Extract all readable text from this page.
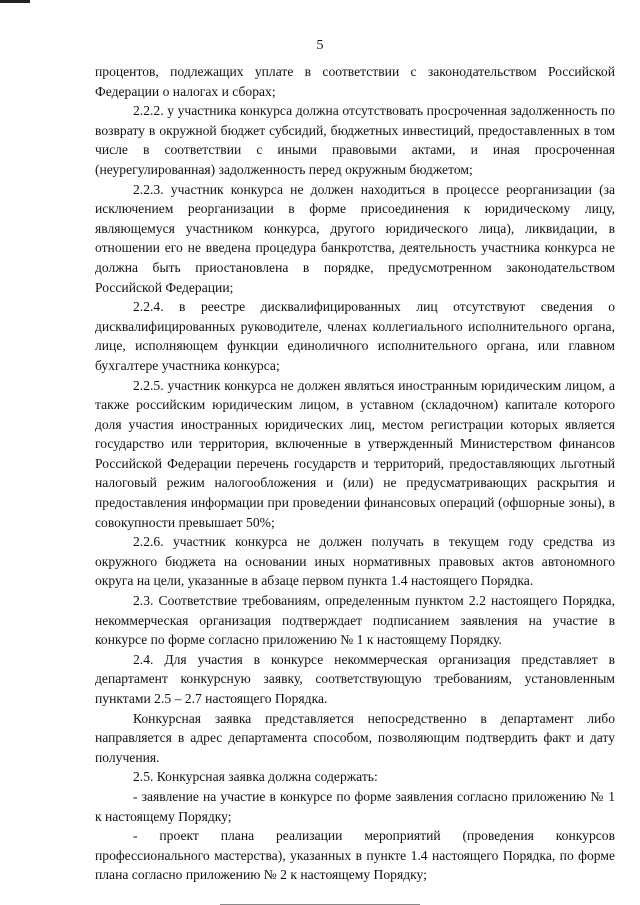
5

процентов, подлежащих уплате в соответствии с законодательством Российской Федерации о налогах и сборах;

2.2.2. у участника конкурса должна отсутствовать просроченная задолженность по возврату в окружной бюджет субсидий, бюджетных инвестиций, предоставленных в том числе в соответствии с иными правовыми актами, и иная просроченная (неурегулированная) задолженность перед окружным бюджетом;

2.2.3. участник конкурса не должен находиться в процессе реорганизации (за исключением реорганизации в форме присоединения к юридическому лицу, являющемуся участником конкурса, другого юридического лица), ликвидации, в отношении его не введена процедура банкротства, деятельность участника конкурса не должна быть приостановлена в порядке, предусмотренном законодательством Российской Федерации;

2.2.4. в реестре дисквалифицированных лиц отсутствуют сведения о дисквалифицированных руководителе, членах коллегиального исполнительного органа, лице, исполняющем функции единоличного исполнительного органа, или главном бухгалтере участника конкурса;

2.2.5. участник конкурса не должен являться иностранным юридическим лицом, а также российским юридическим лицом, в уставном (складочном) капитале которого доля участия иностранных юридических лиц, местом регистрации которых является государство или территория, включенные в утвержденный Министерством финансов Российской Федерации перечень государств и территорий, предоставляющих льготный налоговый режим налогообложения и (или) не предусматривающих раскрытия и предоставления информации при проведении финансовых операций (офшорные зоны), в совокупности превышает 50%;

2.2.6. участник конкурса не должен получать в текущем году средства из окружного бюджета на основании иных нормативных правовых актов автономного округа на цели, указанные в абзаце первом пункта 1.4 настоящего Порядка.

2.3. Соответствие требованиям, определенным пунктом 2.2 настоящего Порядка, некоммерческая организация подтверждает подписанием заявления на участие в конкурсе по форме согласно приложению № 1 к настоящему Порядку.

2.4. Для участия в конкурсе некоммерческая организация представляет в департамент конкурсную заявку, соответствующую требованиям, установленным пунктами 2.5 – 2.7 настоящего Порядка.

Конкурсная заявка представляется непосредственно в департамент либо направляется в адрес департамента способом, позволяющим подтвердить факт и дату получения.

2.5. Конкурсная заявка должна содержать:

- заявление на участие в конкурсе по форме заявления согласно приложению № 1 к настоящему Порядку;

- проект плана реализации мероприятий (проведения конкурсов профессионального мастерства), указанных в пункте 1.4 настоящего Порядка, по форме плана согласно приложению № 2 к настоящему Порядку;
